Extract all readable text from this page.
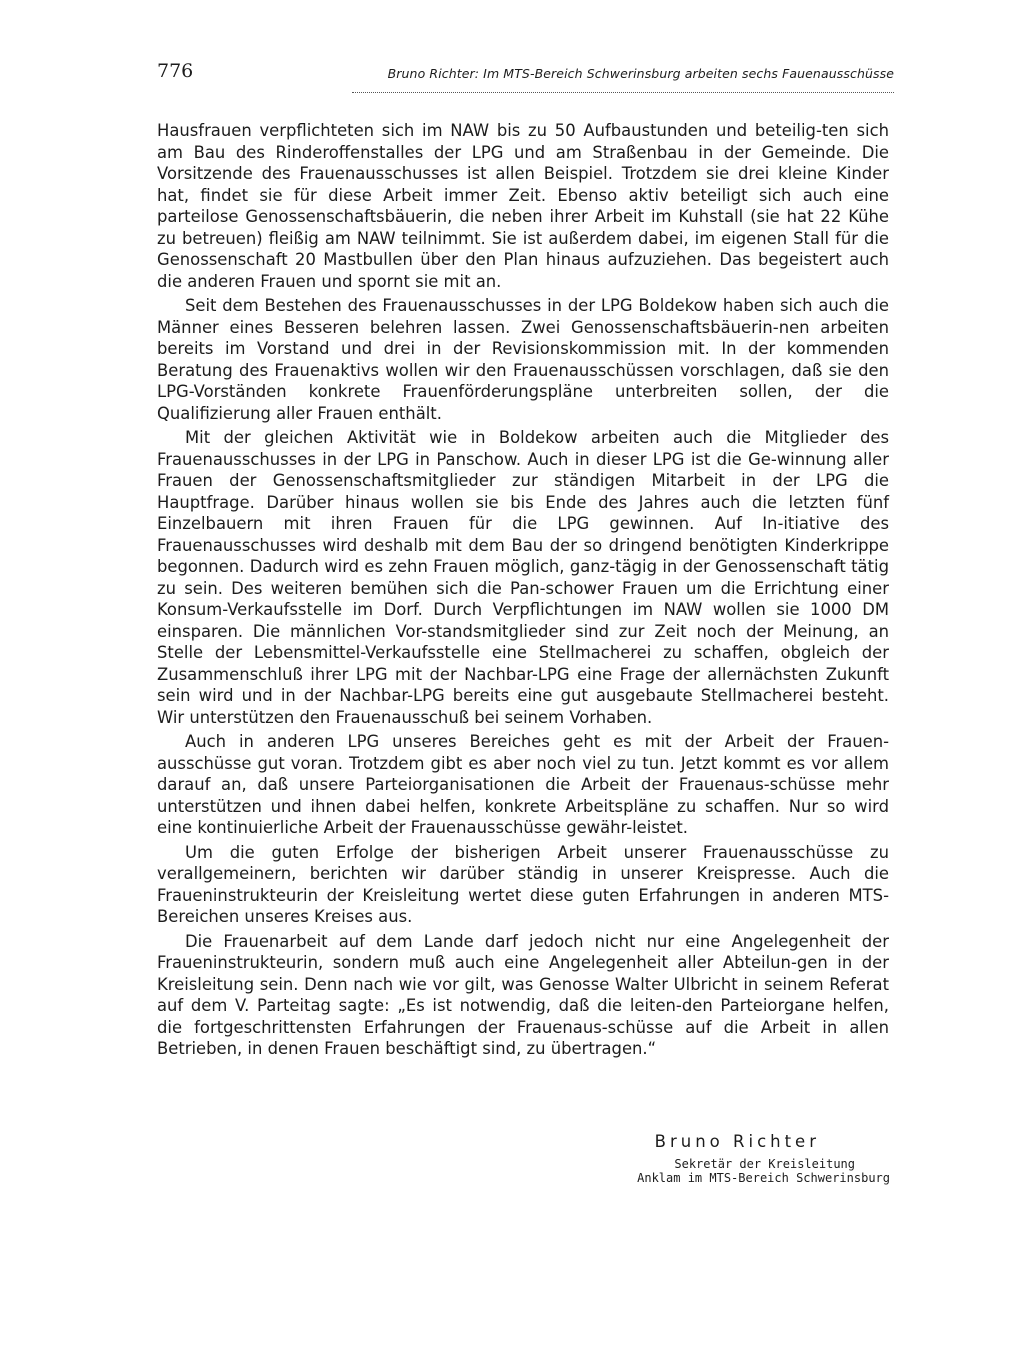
776	Bruno Richter: Im MTS-Bereich Schwerinsburg arbeiten sechs Fauenausschüsse

Hausfrauen verpflichteten sich im NAW bis zu 50 Aufbaustunden und beteilig-ten sich am Bau des Rinderoffenstalles der LPG und am Straßenbau in der Gemeinde. Die Vorsitzende des Frauenausschusses ist allen Beispiel. Trotzdem sie drei kleine Kinder hat, findet sie für diese Arbeit immer Zeit. Ebenso aktiv beteiligt sich auch eine parteilose Genossenschaftsbäuerin, die neben ihrer Arbeit im Kuhstall (sie hat 22 Kühe zu betreuen) fleißig am NAW teilnimmt. Sie ist außerdem dabei, im eigenen Stall für die Genossenschaft 20 Mastbullen über den Plan hinaus aufzuziehen. Das begeistert auch die anderen Frauen und spornt sie mit an.

Seit dem Bestehen des Frauenausschusses in der LPG Boldekow haben sich auch die Männer eines Besseren belehren lassen. Zwei Genossenschaftsbäuerin-nen arbeiten bereits im Vorstand und drei in der Revisionskommission mit. In der kommenden Beratung des Frauenaktivs wollen wir den Frauenausschüssen vorschlagen, daß sie den LPG-Vorständen konkrete Frauenförderungspläne unterbreiten sollen, der die Qualifizierung aller Frauen enthält.

Mit der gleichen Aktivität wie in Boldekow arbeiten auch die Mitglieder des Frauenausschusses in der LPG in Panschow. Auch in dieser LPG ist die Ge-winnung aller Frauen der Genossenschaftsmitglieder zur ständigen Mitarbeit in der LPG die Hauptfrage. Darüber hinaus wollen sie bis Ende des Jahres auch die letzten fünf Einzelbauern mit ihren Frauen für die LPG gewinnen. Auf In-itiative des Frauenausschusses wird deshalb mit dem Bau der so dringend benötigten Kinderkrippe begonnen. Dadurch wird es zehn Frauen möglich, ganz-tägig in der Genossenschaft tätig zu sein. Des weiteren bemühen sich die Pan-schower Frauen um die Errichtung einer Konsum-Verkaufsstelle im Dorf. Durch Verpflichtungen im NAW wollen sie 1000 DM einsparen. Die männlichen Vor-standsmitglieder sind zur Zeit noch der Meinung, an Stelle der Lebensmittel-Verkaufsstelle eine Stellmacherei zu schaffen, obgleich der Zusammenschluß ihrer LPG mit der Nachbar-LPG eine Frage der allernächsten Zukunft sein wird und in der Nachbar-LPG bereits eine gut ausgebaute Stellmacherei besteht. Wir unterstützen den Frauenausschuß bei seinem Vorhaben.

Auch in anderen LPG unseres Bereiches geht es mit der Arbeit der Frauen-ausschüsse gut voran. Trotzdem gibt es aber noch viel zu tun. Jetzt kommt es vor allem darauf an, daß unsere Parteiorganisationen die Arbeit der Frauenaus-schüsse mehr unterstützen und ihnen dabei helfen, konkrete Arbeitspläne zu schaffen. Nur so wird eine kontinuierliche Arbeit der Frauenausschüsse gewähr-leistet.

Um die guten Erfolge der bisherigen Arbeit unserer Frauenausschüsse zu verallgemeinern, berichten wir darüber ständig in unserer Kreispresse. Auch die Fraueninstrukteurin der Kreisleitung wertet diese guten Erfahrungen in anderen MTS-Bereichen unseres Kreises aus.

Die Frauenarbeit auf dem Lande darf jedoch nicht nur eine Angelegenheit der Fraueninstrukteurin, sondern muß auch eine Angelegenheit aller Abteilun-gen in der Kreisleitung sein. Denn nach wie vor gilt, was Genosse Walter Ulbricht in seinem Referat auf dem V. Parteitag sagte: „Es ist notwendig, daß die leiten-den Parteiorgane helfen, die fortgeschrittensten Erfahrungen der Frauenaus-schüsse auf die Arbeit in allen Betrieben, in denen Frauen beschäftigt sind, zu übertragen.“

Bruno Richter
Sekretär der Kreisleitung
Anklam im MTS-Bereich Schwerinsburg
